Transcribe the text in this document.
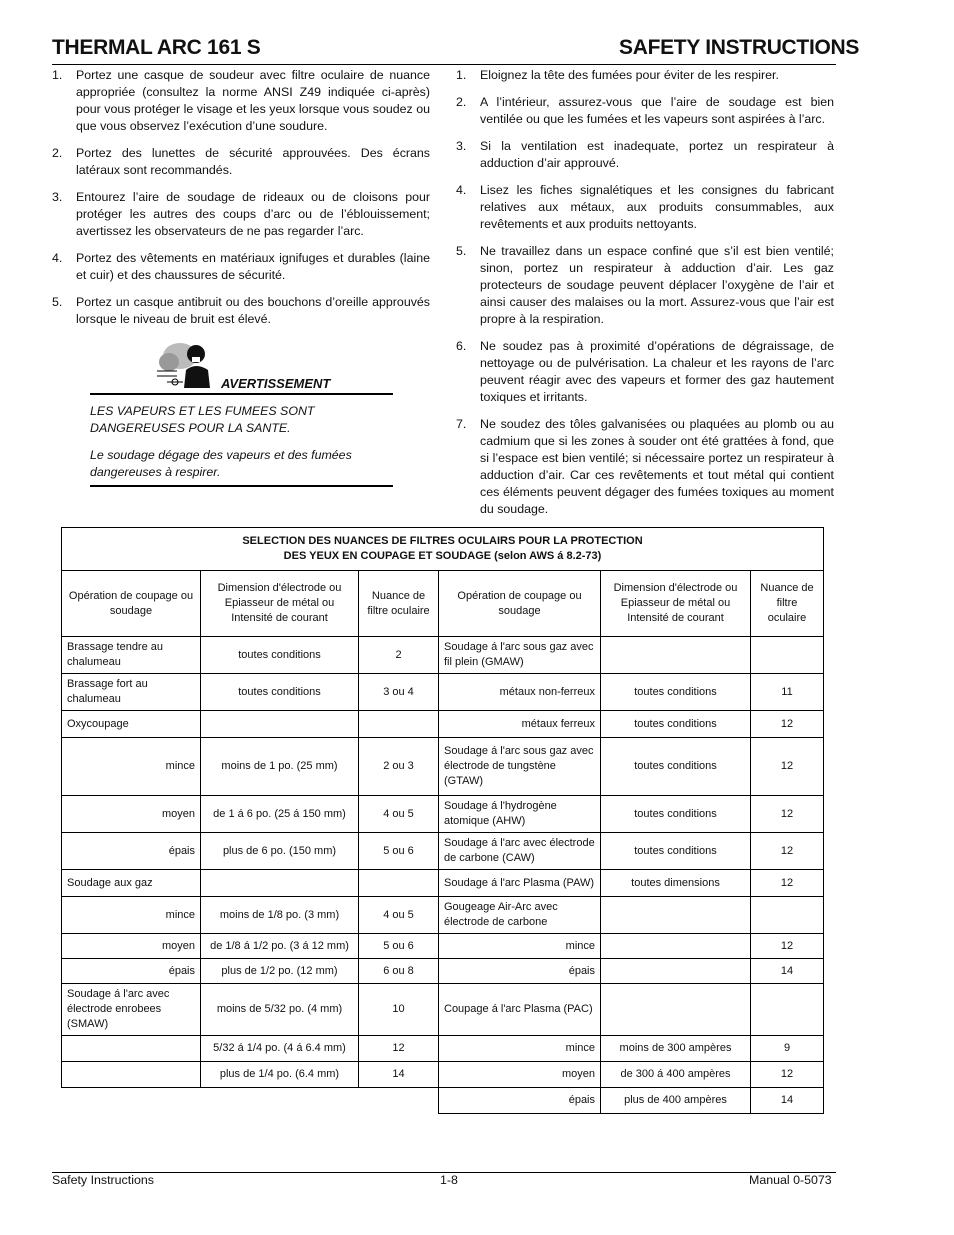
THERMAL ARC 161 S	SAFETY INSTRUCTIONS
1. Portez une casque de soudeur avec filtre oculaire de nuance appropriée (consultez la norme ANSI Z49 indiquée ci-après) pour vous protéger le visage et les yeux lorsque vous soudez ou que vous observez l’exécution d’une soudure.
2. Portez des lunettes de sécurité approuvées. Des écrans latéraux sont recommandés.
3. Entourez l’aire de soudage de rideaux ou de cloisons pour protéger les autres des coups d’arc ou de l’éblouissement; avertissez les observateurs de ne pas regarder l’arc.
4. Portez des vêtements en matériaux ignifuges et durables (laine et cuir) et des chaussures de sécurité.
5. Portez un casque antibruit ou des bouchons d’oreille approuvés lorsque le niveau de bruit est élevé.
AVERTISSEMENT

LES VAPEURS ET LES FUMEES SONT DANGEREUSES POUR LA SANTE.

Le soudage dégage des vapeurs et des fumées dangereuses à respirer.

1. Eloignez la tête des fumées pour éviter de les respirer.
2. A l’intérieur, assurez-vous que l’aire de soudage est bien ventilée ou que les fumées et les vapeurs sont aspirées à l’arc.
3. Si la ventilation est inadequate, portez un respirateur à adduction d’air approuvé.
4. Lisez les fiches signalétiques et les consignes du fabricant relatives aux métaux, aux produits consummables, aux revêtements et aux produits nettoyants.
5. Ne travaillez dans un espace confiné que s’il est bien ventilé; sinon, portez un respirateur à adduction d’air. Les gaz protecteurs de soudage peuvent déplacer l’oxygène de l’air et ainsi causer des malaises ou la mort. Assurez-vous que l’air est propre à la respiration.
6. Ne soudez pas à proximité d’opérations de dégraissage, de nettoyage ou de pulvérisation. La chaleur et les rayons de l’arc peuvent réagir avec des vapeurs et former des gaz hautement toxiques et irritants.
7. Ne soudez des tôles galvanisées ou plaquées au plomb ou au cadmium que si les zones à souder ont été grattées à fond, que si l’espace est bien ventilé; si nécessaire portez un respirateur à adduction d’air. Car ces revêtements et tout métal qui contient ces éléments peuvent dégager des fumées toxiques au moment du soudage.
SELECTION DES NUANCES DE FILTRES OCULAIRS POUR LA PROTECTION
DES YEUX EN COUPAGE ET SOUDAGE (selon AWS á 8.2-73)					
Opération de coupage ou soudage	Dimension d'électrode ou Epiasseur de métal ou Intensité de courant	Nuance de filtre oculaire	Opération de coupage ou soudage	Dimension d'électrode ou Epiasseur de métal ou Intensité de courant	Nuance de filtre oculaire
Brassage tendre au chalumeau	toutes conditions	2	Soudage á l'arc sous gaz avec fil plein (GMAW)		
Brassage fort au chalumeau	toutes conditions	3 ou 4	métaux non-ferreux	toutes conditions	11
Oxycoupage			métaux ferreux	toutes conditions	12
mince	moins de 1 po. (25 mm)	2 ou 3	Soudage á l'arc sous gaz avec électrode de tungstène (GTAW)	toutes conditions	12
moyen	de 1 á 6 po. (25 á 150 mm)	4 ou 5	Soudage á l'hydrogène atomique (AHW)	toutes conditions	12
épais	plus de 6 po. (150 mm)	5 ou 6	Soudage á l'arc avec électrode de carbone (CAW)	toutes conditions	12
Soudage aux gaz			Soudage á l'arc Plasma (PAW)	toutes dimensions	12
mince	moins de 1/8 po. (3 mm)	4 ou 5	Gougeage Air-Arc avec électrode de carbone		
moyen	de 1/8 á 1/2 po. (3 á 12 mm)	5 ou 6	mince		12
épais	plus de 1/2 po. (12 mm)	6 ou 8	épais		14
Soudage á l'arc avec électrode enrobees (SMAW)	moins de 5/32 po. (4 mm)	10	Coupage á l'arc Plasma (PAC)		
	5/32 á 1/4 po. (4 á 6.4 mm)	12	mince	moins de 300 ampères	9
	plus de 1/4 po. (6.4 mm)	14	moyen	de 300 á 400 ampères	12
			épais	plus de 400 ampères	14
Safety Instructions	1-8	Manual 0-5073
